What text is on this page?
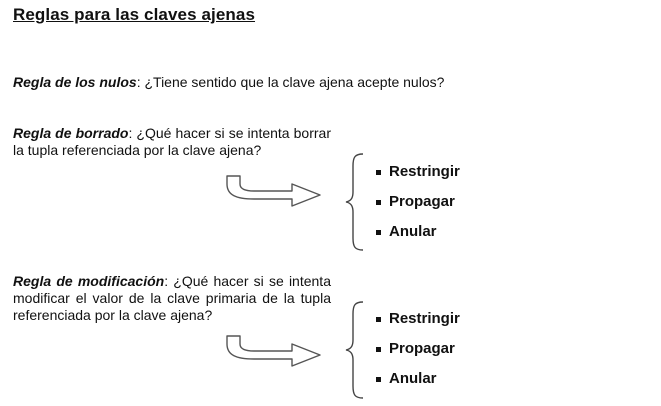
Reglas para las claves ajenas
Regla de los nulos: ¿Tiene sentido que la clave ajena acepte nulos?
Regla de borrado: ¿Qué hacer si se intenta borrar la tupla referenciada por la clave ajena?
Restringir
Propagar
Anular
Regla de modificación: ¿Qué hacer si se intenta modificar el valor de la clave primaria de la tupla referenciada por la clave ajena?	Restringir
Propagar
Anular
